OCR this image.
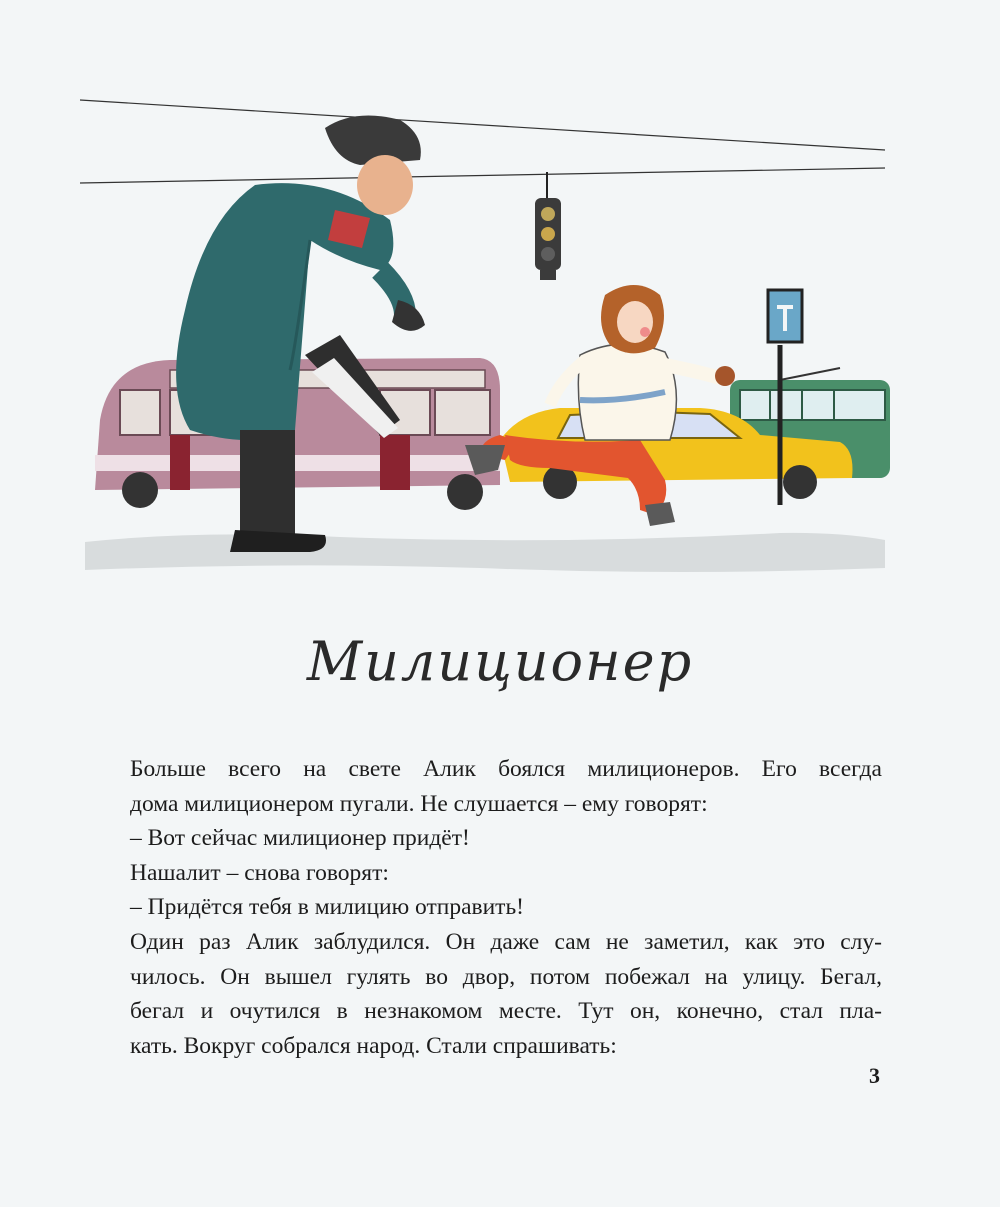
Милиционер

Больше всего на свете Алик боялся милиционеров. Его всегда

дома милиционером пугали. Не слушается – ему говорят:

– Вот сейчас милиционер придёт!

Нашалит – снова говорят:

– Придётся тебя в милицию отправить!

Один раз Алик заблудился. Он даже сам не заметил, как это слу-

чилось. Он вышел гулять во двор, потом побежал на улицу. Бегал,

бегал и очутился в незнакомом месте. Тут он, конечно, стал пла-

кать. Вокруг собрался народ. Стали спрашивать:

3
